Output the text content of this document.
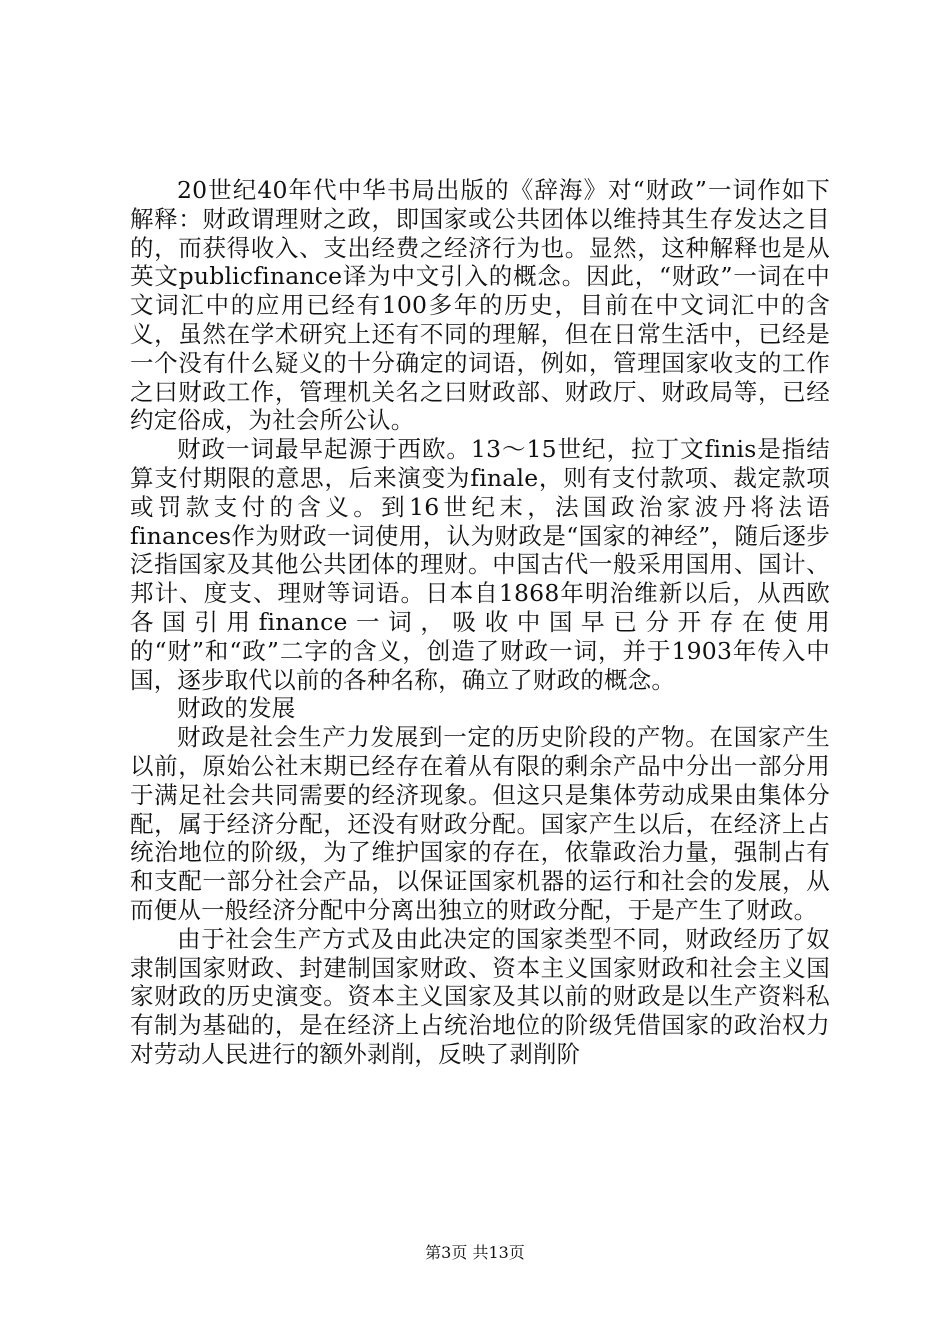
20世纪40年代中华书局出版的《辞海》对“财政”一词作如下解释：财政谓理财之政，即国家或公共团体以维持其生存发达之目的，而获得收入、支出经费之经济行为也。显然，这种解释也是从英文publicfinance译为中文引入的概念。因此，“财政”一词在中文词汇中的应用已经有100多年的历史，目前在中文词汇中的含义，虽然在学术研究上还有不同的理解，但在日常生活中，已经是一个没有什么疑义的十分确定的词语，例如，管理国家收支的工作之曰财政工作，管理机关名之曰财政部、财政厅、财政局等，已经约定俗成，为社会所公认。

财政一词最早起源于西欧。13～15世纪，拉丁文finis是指结算支付期限的意思，后来演变为finale，则有支付款项、裁定款项或罚款支付的含义。到16世纪末，法国政治家波丹将法语finances作为财政一词使用，认为财政是“国家的神经”，随后逐步泛指国家及其他公共团体的理财。中国古代一般采用国用、国计、邦计、度支、理财等词语。日本自1868年明治维新以后，从西欧各国引用finance一词，吸收中国早已分开存在使用的“财”和“政”二字的含义，创造了财政一词，并于1903年传入中国，逐步取代以前的各种名称，确立了财政的概念。

财政的发展

财政是社会生产力发展到一定的历史阶段的产物。在国家产生以前，原始公社末期已经存在着从有限的剩余产品中分出一部分用于满足社会共同需要的经济现象。但这只是集体劳动成果由集体分配，属于经济分配，还没有财政分配。国家产生以后，在经济上占统治地位的阶级，为了维护国家的存在，依靠政治力量，强制占有和支配一部分社会产品，以保证国家机器的运行和社会的发展，从而便从一般经济分配中分离出独立的财政分配，于是产生了财政。

由于社会生产方式及由此决定的国家类型不同，财政经历了奴隶制国家财政、封建制国家财政、资本主义国家财政和社会主义国家财政的历史演变。资本主义国家及其以前的财政是以生产资料私有制为基础的，是在经济上占统治地位的阶级凭借国家的政治权力对劳动人民进行的额外剥削，反映了剥削阶

第3页 共13页
